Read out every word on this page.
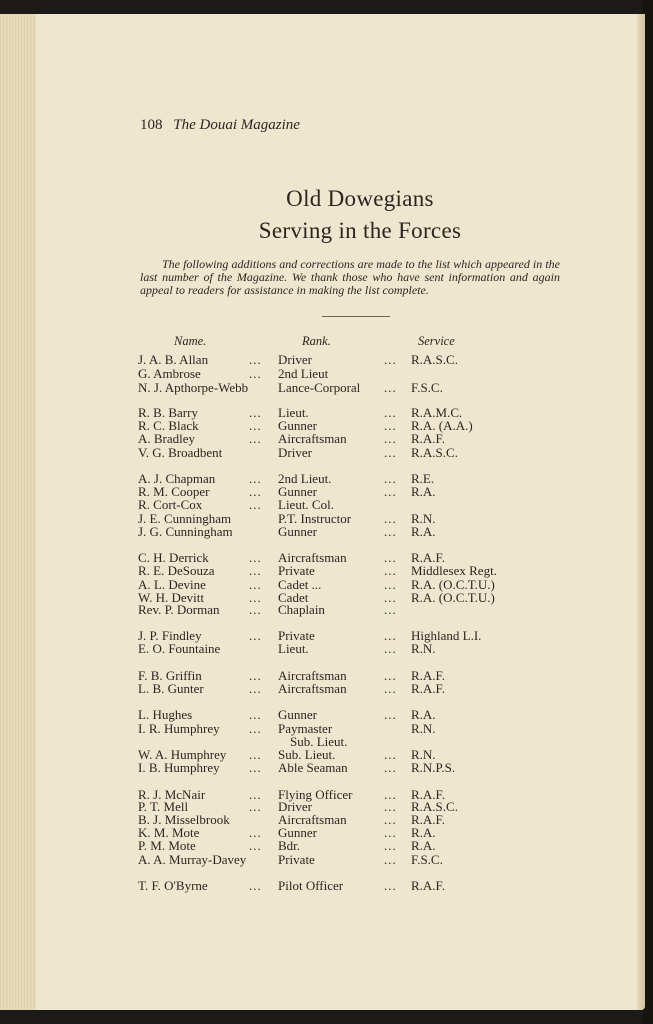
108 The Douai Magazine
Old Dowegians
Serving in the Forces
The following additions and corrections are made to the list which appeared in the last number of the Magazine. We thank those who have sent information and again appeal to readers for assistance in making the list complete.
Name.	Rank.	Service
J. A. B. Allan	... Driver	... R.A.S.C.
G. Ambrose	... 2nd Lieut
N. J. Apthorpe-Webb Lance-Corporal ... F.S.C.
R. B. Barry	... Lieut.	... R.A.M.C.
R. C. Black	... Gunner	... R.A. (A.A.)
A. Bradley	... Aircraftsman	... R.A.F.
V. G. Broadbent	Driver	... R.A.S.C.
A. J. Chapman	... 2nd Lieut.	... R.E.
R. M. Cooper	... Gunner	... R.A.
R. Cort-Cox	... Lieut. Col.
J. E. Cunningham	P.T. Instructor	... R.N.
J. G. Cunningham	Gunner	... R.A.
C. H. Derrick	... Aircraftsman	... R.A.F.
R. E. DeSouza	... Private	... Middlesex Regt.
A. L. Devine	... Cadet ...	... R.A. (O.C.T.U.)
W. H. Devitt	... Cadet	... R.A. (O.C.T.U.)
Rev. P. Dorman ... Chaplain	...
J. P. Findley	... Private	... Highland L.I.
E. O. Fountaine	Lieut.	... R.N.
F. B. Griffin	... Aircraftsman	... R.A.F.
L. B. Gunter	... Aircraftsman	... R.A.F.
L. Hughes	... Gunner	... R.A.
I. R. Humphrey ... Paymaster	R.N.
Sub. Lieut.
W. A. Humphrey ... Sub. Lieut.	... R.N.
I. B. Humphrey ... Able Seaman	... R.N.P.S.
R. J. McNair	... Flying Officer ... R.A.F.
P. T. Mell	... Driver	... R.A.S.C.
B. J. Misselbrook	Aircraftsman	... R.A.F.
K. M. Mote	... Gunner	... R.A.
P. M. Mote	... Bdr.	... R.A.
A. A. Murray-Davey Private	... F.S.C.
T. F. O'Byrne	... Pilot Officer	... R.A.F.
